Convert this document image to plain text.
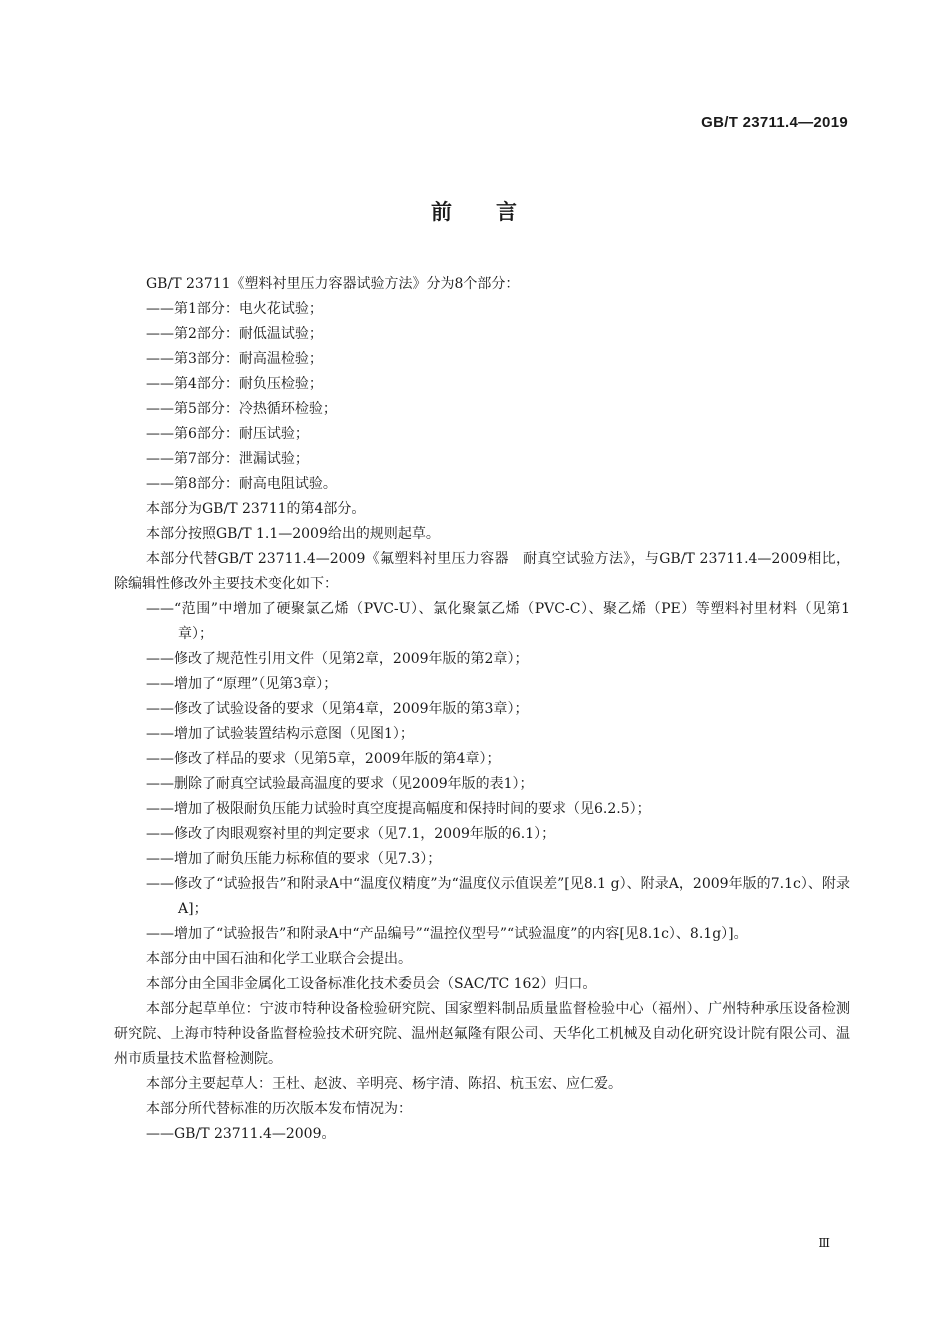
GB/T 23711.4—2019
前 言

GB/T 23711《塑料衬里压力容器试验方法》分为8个部分：

——第1部分：电火花试验；

——第2部分：耐低温试验；

——第3部分：耐高温检验；

——第4部分：耐负压检验；

——第5部分：冷热循环检验；

——第6部分：耐压试验；

——第7部分：泄漏试验；

——第8部分：耐高电阻试验。

本部分为GB/T 23711的第4部分。

本部分按照GB/T 1.1—2009给出的规则起草。

本部分代替GB/T 23711.4—2009《氟塑料衬里压力容器　耐真空试验方法》，与GB/T 23711.4—2009相比，除编辑性修改外主要技术变化如下：

——“范围”中增加了硬聚氯乙烯（PVC-U）、氯化聚氯乙烯（PVC-C）、聚乙烯（PE）等塑料衬里材料（见第1章）；

——修改了规范性引用文件（见第2章，2009年版的第2章）；

——增加了“原理”（见第3章）；

——修改了试验设备的要求（见第4章，2009年版的第3章）；

——增加了试验装置结构示意图（见图1）；

——修改了样品的要求（见第5章，2009年版的第4章）；

——删除了耐真空试验最高温度的要求（见2009年版的表1）；

——增加了极限耐负压能力试验时真空度提高幅度和保持时间的要求（见6.2.5）；

——修改了肉眼观察衬里的判定要求（见7.1，2009年版的6.1）；

——增加了耐负压能力标称值的要求（见7.3）；

——修改了“试验报告”和附录A中“温度仪精度”为“温度仪示值误差”[见8.1 g）、附录A，2009年版的7.1c）、附录A]；

——增加了“试验报告”和附录A中“产品编号”“温控仪型号”“试验温度”的内容[见8.1c）、8.1g）]。

本部分由中国石油和化学工业联合会提出。

本部分由全国非金属化工设备标准化技术委员会（SAC/TC 162）归口。

本部分起草单位：宁波市特种设备检验研究院、国家塑料制品质量监督检验中心（福州）、广州特种承压设备检测研究院、上海市特种设备监督检验技术研究院、温州赵氟隆有限公司、天华化工机械及自动化研究设计院有限公司、温州市质量技术监督检测院。

本部分主要起草人：王杜、赵波、辛明亮、杨宇清、陈招、杭玉宏、应仁爱。

本部分所代替标准的历次版本发布情况为：

——GB/T 23711.4—2009。

Ⅲ
